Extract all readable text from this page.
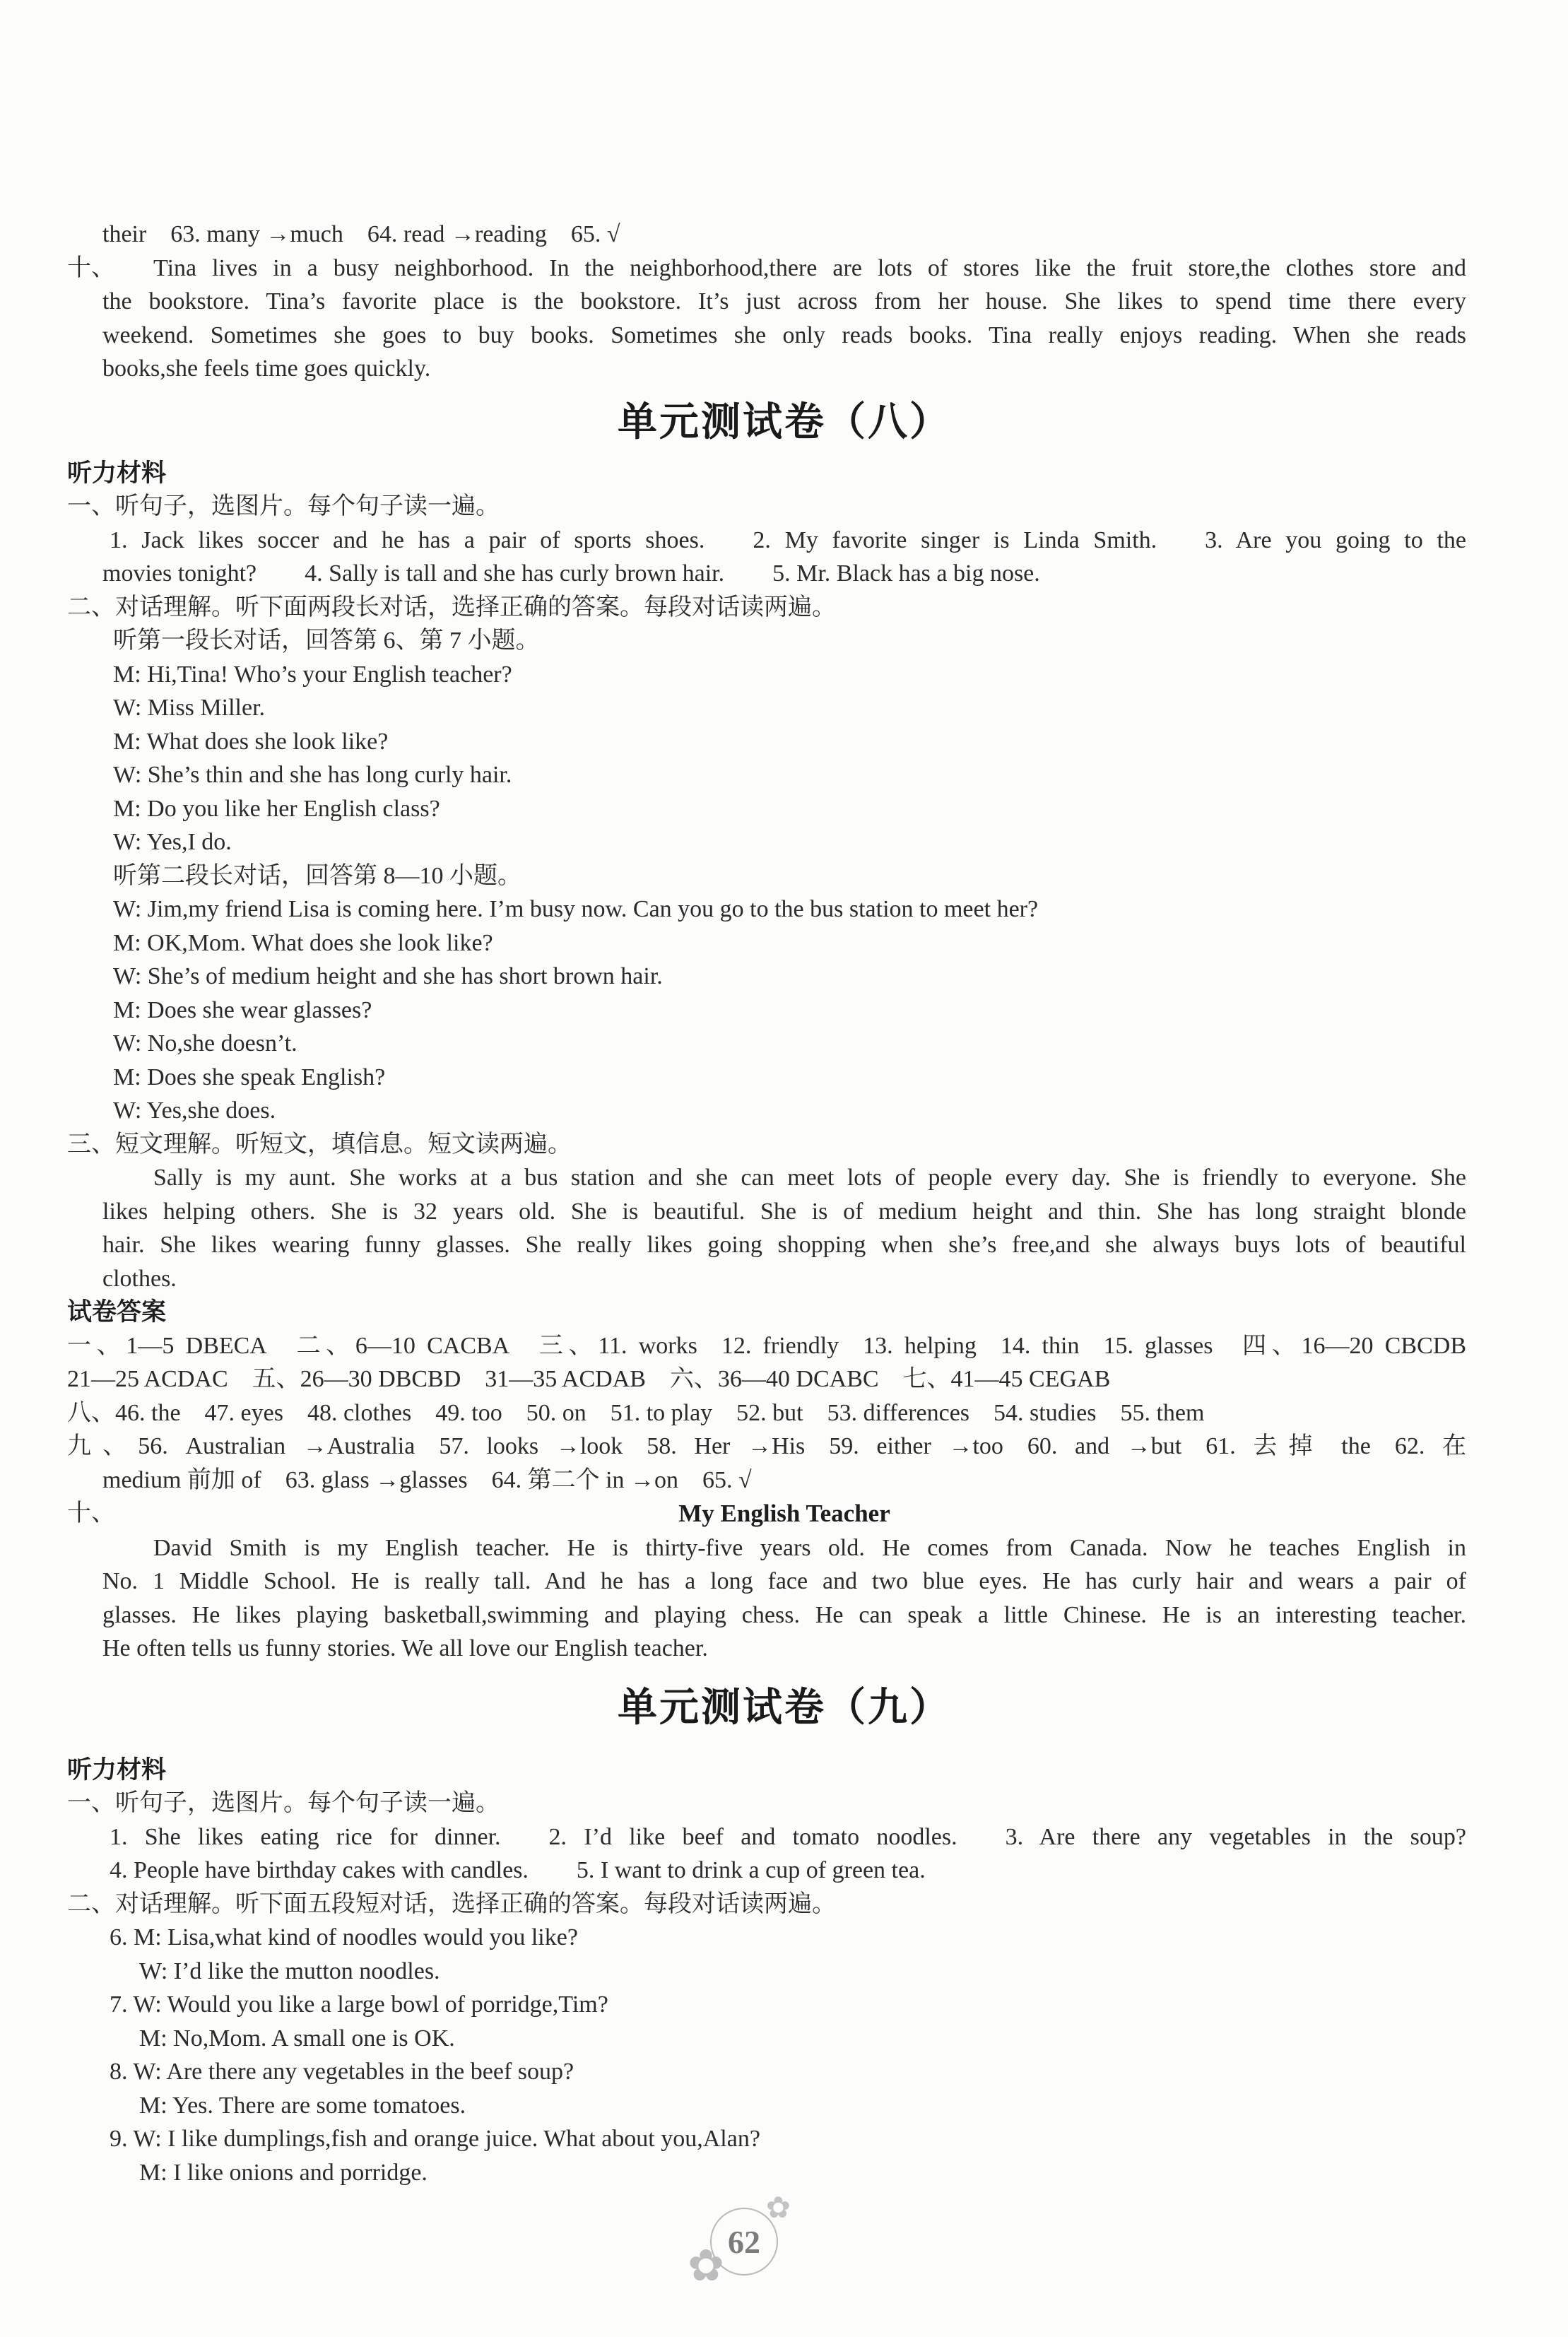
their 63. many →much 64. read →reading 65. √
十、	Tina lives in a busy neighborhood. In the neighborhood,there are lots of stores like the fruit store,the clothes store and
the bookstore. Tina’s favorite place is the bookstore. It’s just across from her house. She likes to spend time there every
weekend. Sometimes she goes to buy books. Sometimes she only reads books. Tina really enjoys reading. When she reads
books,she feels time goes quickly.
单元测试卷（八）
听力材料
一、听句子，选图片。每个句子读一遍。
1. Jack likes soccer and he has a pair of sports shoes.  2. My favorite singer is Linda Smith.  3. Are you going to the
movies tonight?  4. Sally is tall and she has curly brown hair.  5. Mr. Black has a big nose.
二、对话理解。听下面两段长对话，选择正确的答案。每段对话读两遍。
听第一段长对话，回答第 6、第 7 小题。
M: Hi,Tina! Who’s your English teacher?
W: Miss Miller.
M: What does she look like?
W: She’s thin and she has long curly hair.
M: Do you like her English class?
W: Yes,I do.
听第二段长对话，回答第 8—10 小题。
W: Jim,my friend Lisa is coming here. I’m busy now. Can you go to the bus station to meet her?
M: OK,Mom. What does she look like?
W: She’s of medium height and she has short brown hair.
M: Does she wear glasses?
W: No,she doesn’t.
M: Does she speak English?
W: Yes,she does.
三、短文理解。听短文，填信息。短文读两遍。
Sally is my aunt. She works at a bus station and she can meet lots of people every day. She is friendly to everyone. She
likes helping others. She is 32 years old. She is beautiful. She is of medium height and thin. She has long straight blonde
hair. She likes wearing funny glasses. She really likes going shopping when she’s free,and she always buys lots of beautiful
clothes.
试卷答案
一、1—5 DBECA 二、6—10 CACBA 三、11. works 12. friendly 13. helping 14. thin 15. glasses 四、16—20 CBCDB
21—25 ACDAC 五、26—30 DBCBD 31—35 ACDAB 六、36—40 DCABC 七、41—45 CEGAB
八、46. the 47. eyes 48. clothes 49. too 50. on 51. to play 52. but 53. differences 54. studies 55. them
九、56. Australian →Australia 57. looks →look 58. Her →His 59. either →too 60. and →but 61. 去掉 the 62. 在
medium 前加 of 63. glass →glasses 64. 第二个 in →on 65. √
十、	My English Teacher
David Smith is my English teacher. He is thirty-five years old. He comes from Canada. Now he teaches English in
No. 1 Middle School. He is really tall. And he has a long face and two blue eyes. He has curly hair and wears a pair of
glasses. He likes playing basketball,swimming and playing chess. He can speak a little Chinese. He is an interesting teacher.
He often tells us funny stories. We all love our English teacher.
单元测试卷（九）
听力材料
一、听句子，选图片。每个句子读一遍。
1. She likes eating rice for dinner.  2. I’d like beef and tomato noodles.  3. Are there any vegetables in the soup?
4. People have birthday cakes with candles.  5. I want to drink a cup of green tea.
二、对话理解。听下面五段短对话，选择正确的答案。每段对话读两遍。
6. M: Lisa,what kind of noodles would you like?
W: I’d like the mutton noodles.
7. W: Would you like a large bowl of porridge,Tim?
M: No,Mom. A small one is OK.
8. W: Are there any vegetables in the beef soup?
M: Yes. There are some tomatoes.
9. W: I like dumplings,fish and orange juice. What about you,Alan?
M: I like onions and porridge.
✿
✿
62
